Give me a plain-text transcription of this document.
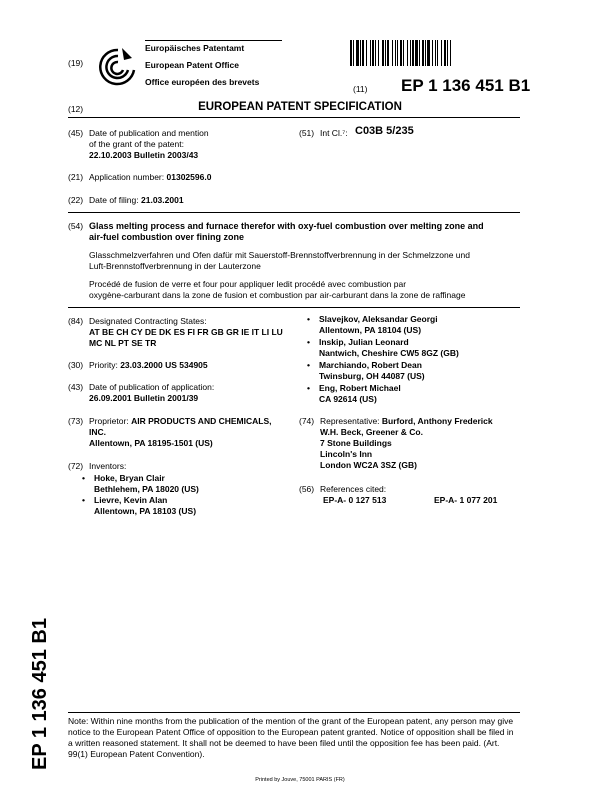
(19)
Europäisches Patentamt
European Patent Office
Office européen des brevets
(11) EP 1 136 451 B1
(12)	EUROPEAN PATENT SPECIFICATION
(45) Date of publication and mention
of the grant of the patent:
22.10.2003 Bulletin 2003/43
(51) Int Cl.⁷: C03B 5/235
(21) Application number: 01302596.0
(22) Date of filing: 21.03.2001
(54) Glass melting process and furnace therefor with oxy-fuel combustion over melting zone and
air-fuel combustion over fining zone
Glasschmelzverfahren und Ofen dafür mit Sauerstoff-Brennstoffverbrennung in der Schmelzzone und
Luft-Brennstoffverbrennung in der Lauterzone
Procédé de fusion de verre et four pour appliquer ledit procédé avec combustion par
oxygène-carburant dans la zone de fusion et combustion par air-carburant dans la zone de raffinage
(84) Designated Contracting States:
AT BE CH CY DE DK ES FI FR GB GR IE IT LI LU
MC NL PT SE TR
(30) Priority: 23.03.2000 US 534905
(43) Date of publication of application:
26.09.2001 Bulletin 2001/39
(73) Proprietor: AIR PRODUCTS AND CHEMICALS,
INC.
Allentown, PA 18195-1501 (US)
(72) Inventors:
• Hoke, Bryan Clair
Bethlehem, PA 18020 (US)
• Lievre, Kevin Alan
Allentown, PA 18103 (US)
• Slavejkov, Aleksandar Georgi
Allentown, PA 18104 (US)
• Inskip, Julian Leonard
Nantwich, Cheshire CW5 8GZ (GB)
• Marchiando, Robert Dean
Twinsburg, OH 44087 (US)
• Eng, Robert Michael
CA 92614 (US)
(74) Representative: Burford, Anthony Frederick
W.H. Beck, Greener & Co.
7 Stone Buildings
Lincoln's Inn
London WC2A 3SZ (GB)
(56) References cited:
EP-A- 0 127 513	EP-A- 1 077 201
EP 1 136 451 B1 Note: Within nine months from the publication of the mention of the grant of the European patent, any person may give
notice to the European Patent Office of opposition to the European patent granted. Notice of opposition shall be filed in
a written reasoned statement. It shall not be deemed to have been filed until the opposition fee has been paid. (Art.
99(1) European Patent Convention).
Printed by Jouve, 75001 PARIS (FR)
